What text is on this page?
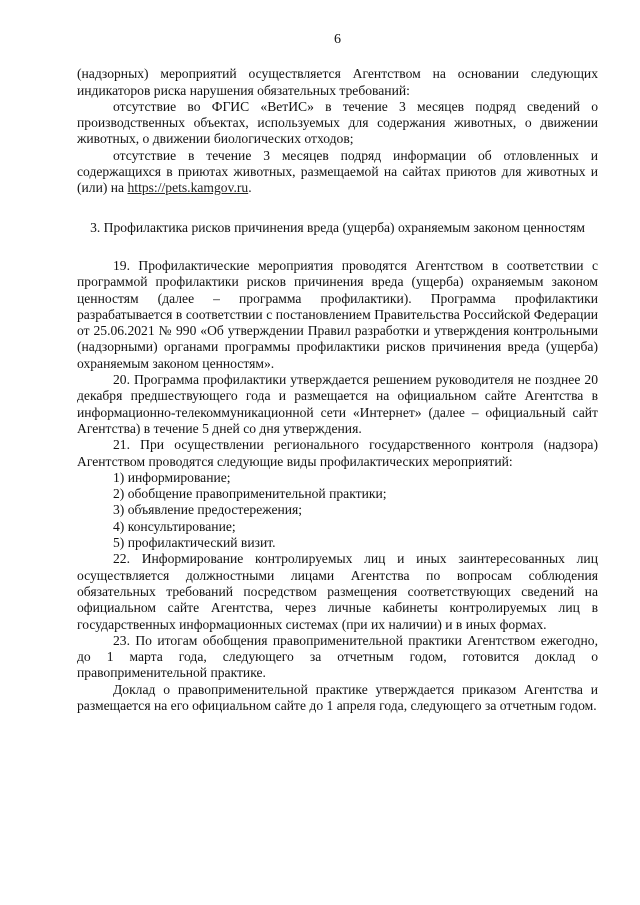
6

(надзорных) мероприятий осуществляется Агентством на основании следующих индикаторов риска нарушения обязательных требований:

отсутствие во ФГИС «ВетИС» в течение 3 месяцев подряд сведений о производственных объектах, используемых для содержания животных, о движении животных, о движении биологических отходов;

отсутствие в течение 3 месяцев подряд информации об отловленных и содержащихся в приютах животных, размещаемой на сайтах приютов для животных и (или) на https://pets.kamgov.ru.

3. Профилактика рисков причинения вреда (ущерба) охраняемым законом ценностям

19. Профилактические мероприятия проводятся Агентством в соответствии с программой профилактики рисков причинения вреда (ущерба) охраняемым законом ценностям (далее – программа профилактики). Программа профилактики разрабатывается в соответствии с постановлением Правительства Российской Федерации от 25.06.2021 № 990 «Об утверждении Правил разработки и утверждения контрольными (надзорными) органами программы профилактики рисков причинения вреда (ущерба) охраняемым законом ценностям».

20. Программа профилактики утверждается решением руководителя не позднее 20 декабря предшествующего года и размещается на официальном сайте Агентства в информационно-телекоммуникационной сети «Интернет» (далее – официальный сайт Агентства) в течение 5 дней со дня утверждения.

21. При осуществлении регионального государственного контроля (надзора) Агентством проводятся следующие виды профилактических мероприятий:

1) информирование;

2) обобщение правоприменительной практики;

3) объявление предостережения;

4) консультирование;

5) профилактический визит.

22. Информирование контролируемых лиц и иных заинтересованных лиц осуществляется должностными лицами Агентства по вопросам соблюдения обязательных требований посредством размещения соответствующих сведений на официальном сайте Агентства, через личные кабинеты контролируемых лиц в государственных информационных системах (при их наличии) и в иных формах.

23. По итогам обобщения правоприменительной практики Агентством ежегодно, до 1 марта года, следующего за отчетным годом, готовится доклад о правоприменительной практике.

Доклад о правоприменительной практике утверждается приказом Агентства и размещается на его официальном сайте до 1 апреля года, следующего за отчетным годом.
